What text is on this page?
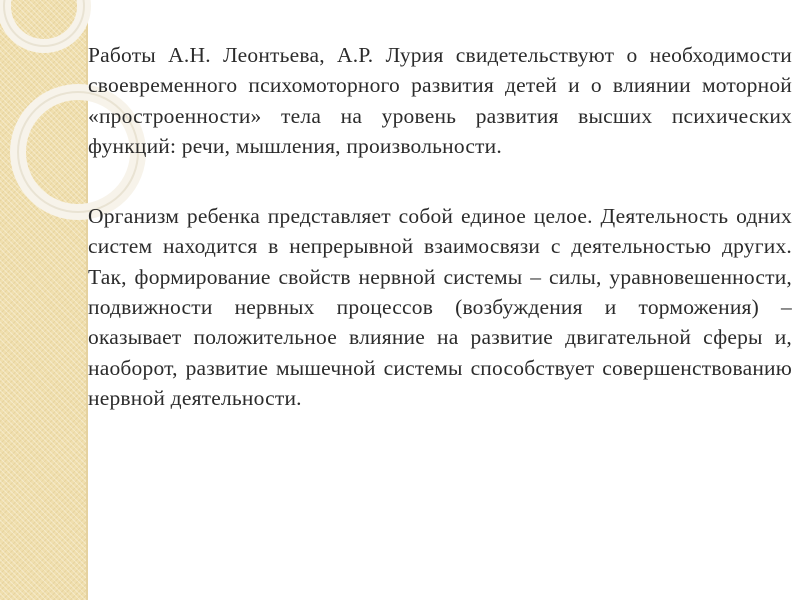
Работы А.Н. Леонтьева, А.Р. Лурия свидетельствуют о необходимости своевременного психомоторного развития детей и о влиянии моторной «простроенности» тела на уровень развития высших психических функций: речи, мышления, произвольности.

Организм ребенка представляет собой единое целое. Деятельность одних систем находится в непрерывной взаимосвязи с деятельностью других. Так, формирование свойств нервной системы – силы, уравновешенности, подвижности нервных процессов (возбуждения и торможения) – оказывает положительное влияние на развитие двигательной сферы и, наоборот, развитие мышечной системы способствует совершенствованию нервной деятельности.
